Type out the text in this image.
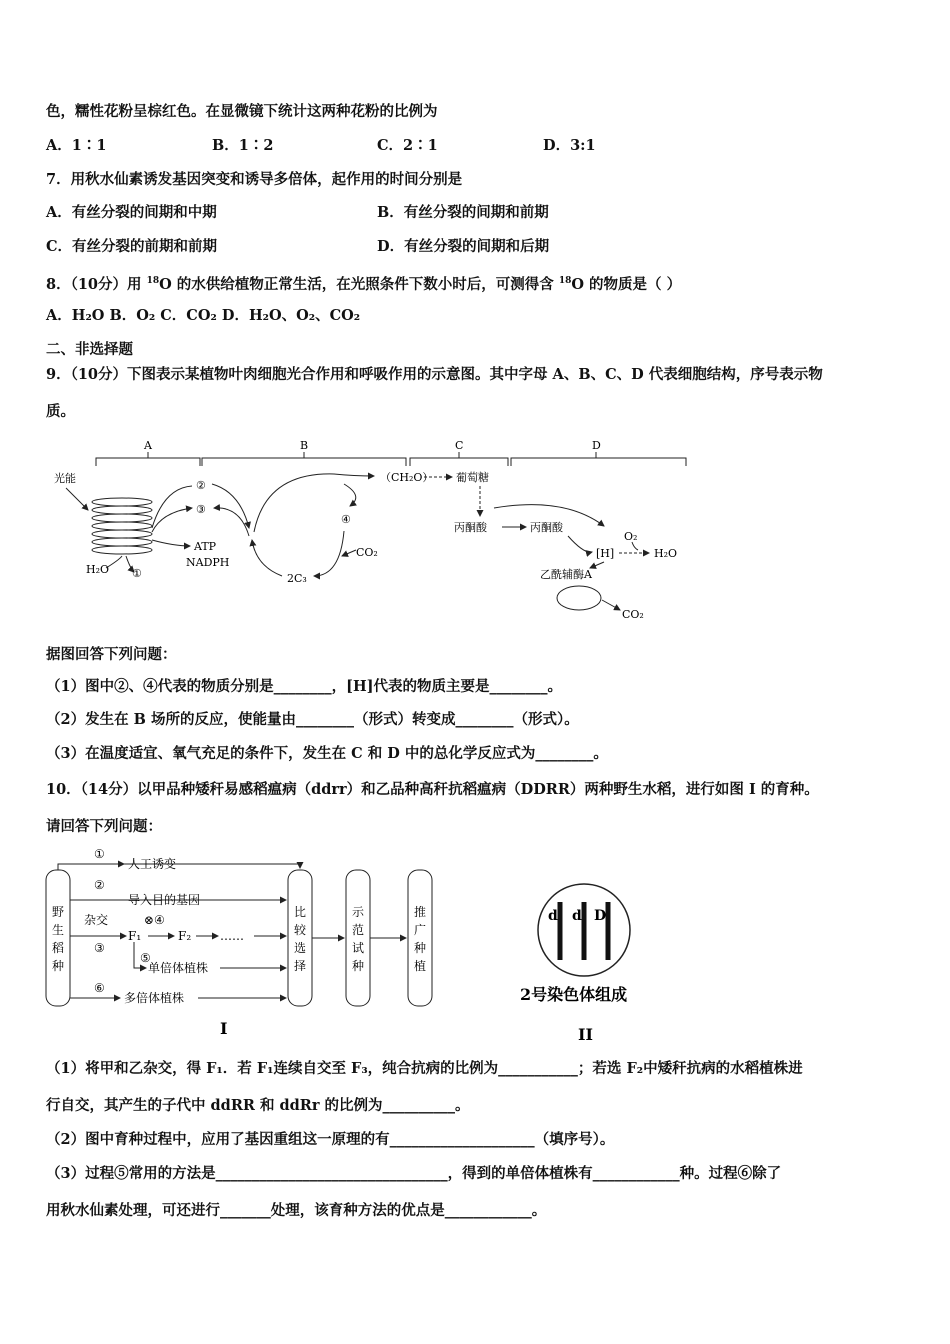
色，糯性花粉呈棕红色。在显微镜下统计这两种花粉的比例为
A．1∶1	B．1∶2	C．2∶1	D．3:1
7．用秋水仙素诱发基因突变和诱导多倍体，起作用的时间分别是
A．有丝分裂的间期和中期	B．有丝分裂的间期和前期
C．有丝分裂的前期和前期	D．有丝分裂的间期和后期
8．（10分）用 $^{18}$O 的水供给植物正常生活，在光照条件下数小时后，可测得含 $^{18}$O 的物质是（ ）
A．H₂O B．O₂ C．CO₂ D．H₂O、O₂、CO₂
二、非选择题
9．（10分）下图表示某植物叶肉细胞光合作用和呼吸作用的示意图。其中字母 A、B、C、D 代表细胞结构，序号表示物
质。
A	B	C	D
光能
H₂O ①
②
③
ATP
NADPH
④
CO₂
2C₃
（CH₂O） 葡萄糖
丙酮酸	丙酮酸
[H]
O₂
H₂O
乙酰辅酶A
CO₂
据图回答下列问题：
（1）图中②、④代表的物质分别是________，[H]代表的物质主要是________。
（2）发生在 B 场所的反应，使能量由________（形式）转变成________（形式）。
（3）在温度适宜、氧气充足的条件下，发生在 C 和 D 中的总化学反应式为________。
10．（14分）以甲品种矮秆易感稻瘟病（ddrr）和乙品种高秆抗稻瘟病（DDRR）两种野生水稻，进行如图 I 的育种。
请回答下列问题：
野
生
稻
种
比
较
选
择
示
范
试
种
推
广
种
植
①
人工诱变
②
导入目的基因
杂交	⊗④
③
F₁	F₂ ……
⑤
单倍体植株
⑥
多倍体植株
I
d d D
2号染色体组成
II
（1）将甲和乙杂交，得 F₁．若 F₁连续自交至 F₃，纯合抗病的比例为___________；若选 F₂中矮秆抗病的水稻植株进
行自交，其产生的子代中 ddRR 和 ddRr 的比例为__________。
（2）图中育种过程中，应用了基因重组这一原理的有____________________（填序号）。
（3）过程⑤常用的方法是________________________________，得到的单倍体植株有____________种。过程⑥除了
用秋水仙素处理，可还进行_______处理，该育种方法的优点是____________。
